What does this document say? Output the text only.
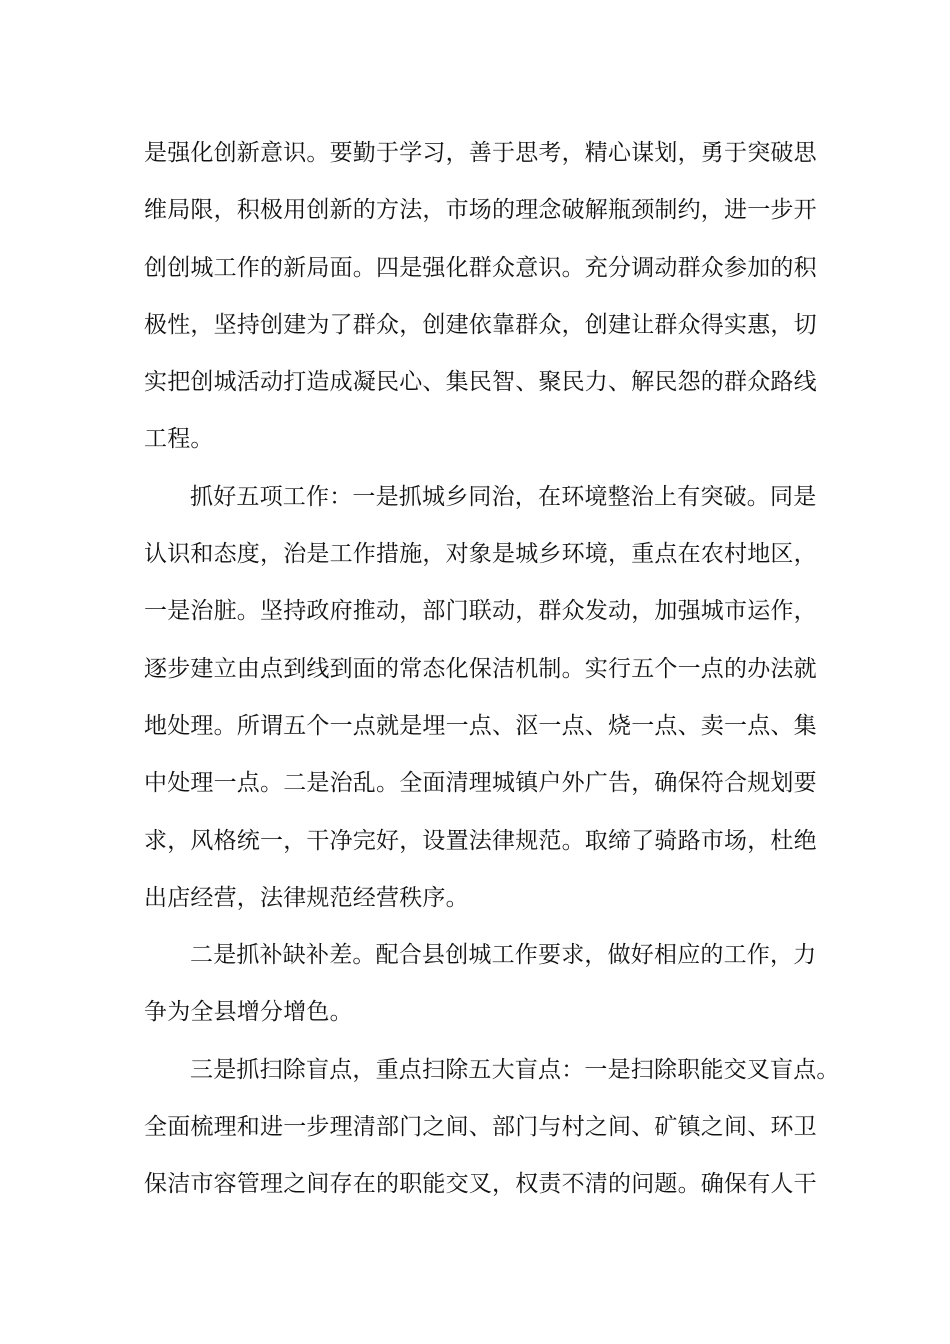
是强化创新意识。要勤于学习，善于思考，精心谋划，勇于突破思
维局限，积极用创新的方法，市场的理念破解瓶颈制约，进一步开
创创城工作的新局面。四是强化群众意识。充分调动群众参加的积
极性，坚持创建为了群众，创建依靠群众，创建让群众得实惠，切
实把创城活动打造成凝民心、集民智、聚民力、解民怨的群众路线
工程。
抓好五项工作：一是抓城乡同治，在环境整治上有突破。同是
认识和态度，治是工作措施，对象是城乡环境，重点在农村地区，
一是治脏。坚持政府推动，部门联动，群众发动，加强城市运作，
逐步建立由点到线到面的常态化保洁机制。实行五个一点的办法就
地处理。所谓五个一点就是埋一点、沤一点、烧一点、卖一点、集
中处理一点。二是治乱。全面清理城镇户外广告，确保符合规划要
求，风格统一，干净完好，设置法律规范。取缔了骑路市场，杜绝
出店经营，法律规范经营秩序。
二是抓补缺补差。配合县创城工作要求，做好相应的工作，力
争为全县增分增色。
三是抓扫除盲点，重点扫除五大盲点：一是扫除职能交叉盲点。
全面梳理和进一步理清部门之间、部门与村之间、矿镇之间、环卫
保洁市容管理之间存在的职能交叉，权责不清的问题。确保有人干
